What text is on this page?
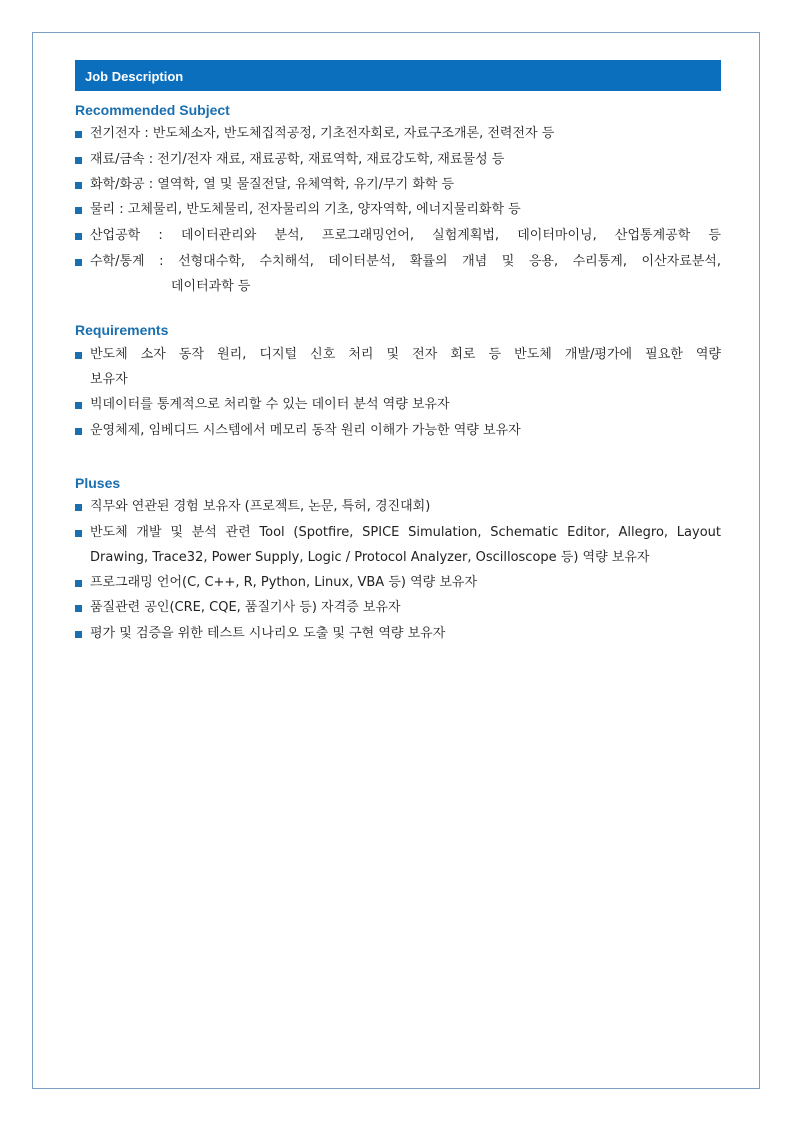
Job Description
Recommended Subject
전기전자 : 반도체소자, 반도체집적공정, 기초전자회로, 자료구조개론, 전력전자 등
재료/금속 : 전기/전자 재료, 재료공학, 재료역학, 재료강도학, 재료물성 등
화학/화공 : 열역학, 열 및 물질전달, 유체역학, 유기/무기 화학 등
물리 : 고체물리, 반도체물리, 전자물리의 기초, 양자역학, 에너지물리화학 등
산업공학 : 데이터관리와 분석, 프로그래밍언어, 실험계획법, 데이터마이닝, 산업통계공학 등
수학/통계 : 선형대수학, 수치해석, 데이터분석, 확률의 개념 및 응용, 수리통계, 이산자료분석,
데이터과학 등
Requirements
반도체 소자 동작 원리, 디지털 신호 처리 및 전자 회로 등 반도체 개발/평가에 필요한 역량
보유자
빅데이터를 통계적으로 처리할 수 있는 데이터 분석 역량 보유자
운영체제, 임베디드 시스템에서 메모리 동작 원리 이해가 가능한 역량 보유자
Pluses
직무와 연관된 경험 보유자 (프로젝트, 논문, 특허, 경진대회)
반도체 개발 및 분석 관련 Tool (Spotfire, SPICE Simulation, Schematic Editor, Allegro, Layout
Drawing, Trace32, Power Supply, Logic / Protocol Analyzer, Oscilloscope 등) 역량 보유자
프로그래밍 언어(C, C++, R, Python, Linux, VBA 등) 역량 보유자
품질관련 공인(CRE, CQE, 품질기사 등) 자격증 보유자
평가 및 검증을 위한 테스트 시나리오 도출 및 구현 역량 보유자
